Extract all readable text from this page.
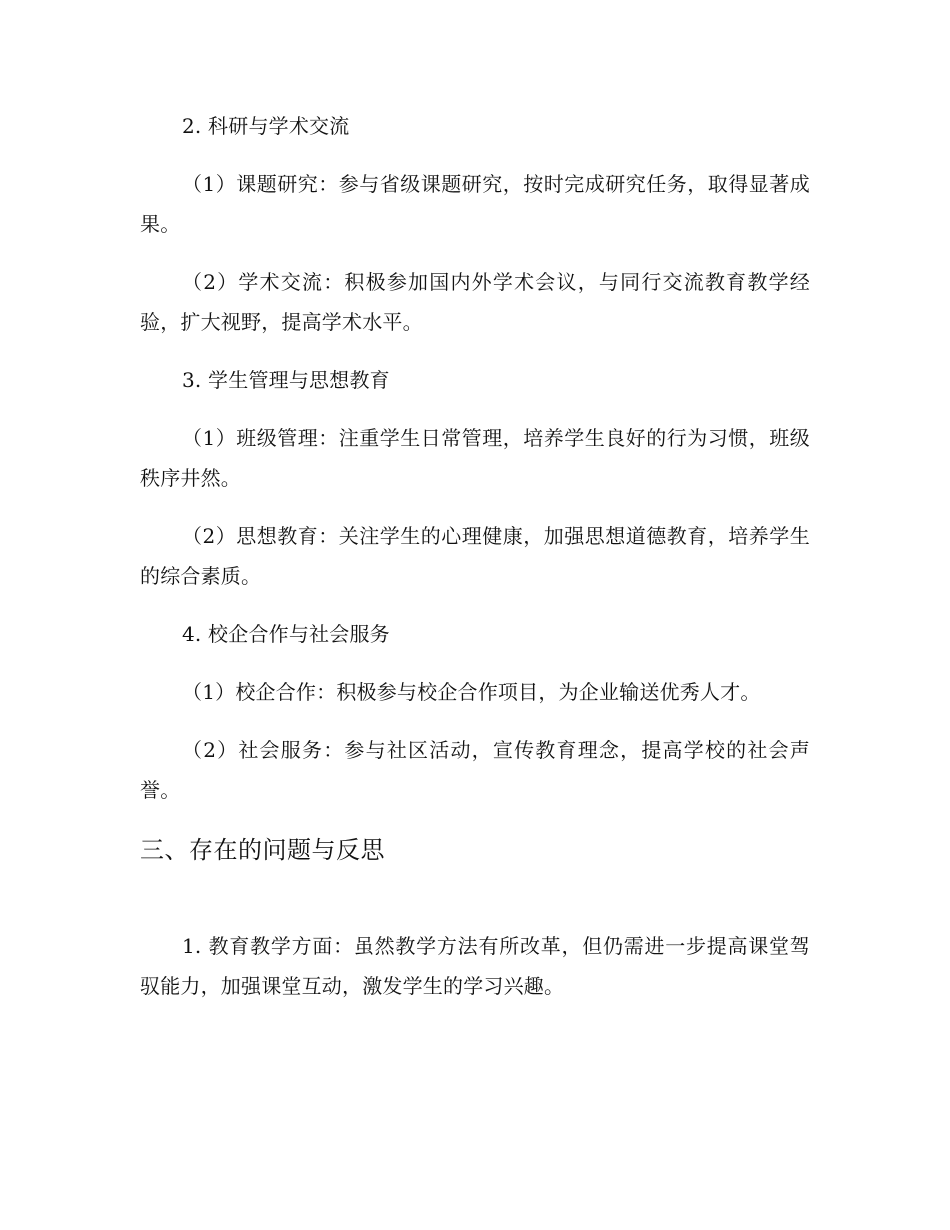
2. 科研与学术交流

（1）课题研究：参与省级课题研究，按时完成研究任务，取得显著成果。

（2）学术交流：积极参加国内外学术会议，与同行交流教育教学经验，扩大视野，提高学术水平。

3. 学生管理与思想教育

（1）班级管理：注重学生日常管理，培养学生良好的行为习惯，班级秩序井然。

（2）思想教育：关注学生的心理健康，加强思想道德教育，培养学生的综合素质。

4. 校企合作与社会服务

（1）校企合作：积极参与校企合作项目，为企业输送优秀人才。

（2）社会服务：参与社区活动，宣传教育理念，提高学校的社会声誉。

三、存在的问题与反思

1. 教育教学方面：虽然教学方法有所改革，但仍需进一步提高课堂驾驭能力，加强课堂互动，激发学生的学习兴趣。
